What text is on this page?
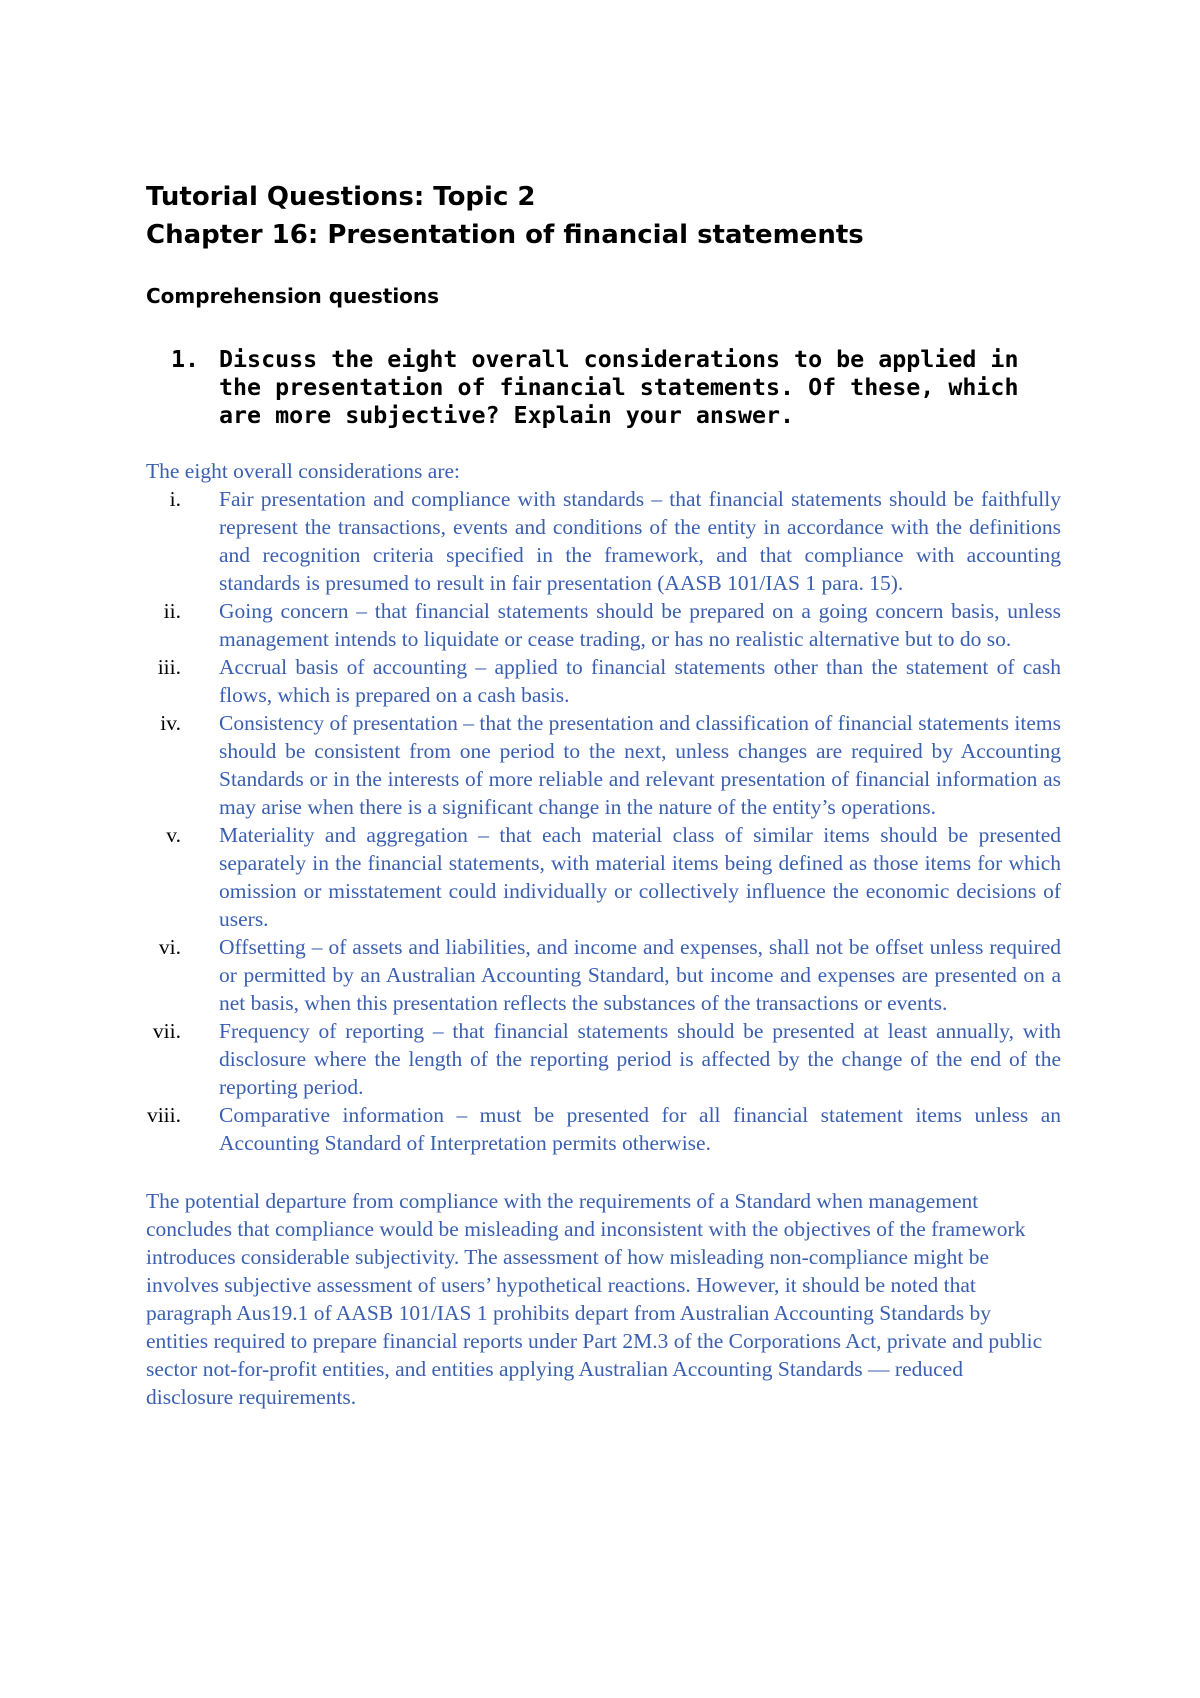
Tutorial Questions: Topic 2
Chapter 16: Presentation of financial statements
Comprehension questions
1. Discuss the eight overall considerations to be applied in the presentation of financial statements. Of these, which are more subjective? Explain your answer.

The eight overall considerations are:

i. Fair presentation and compliance with standards – that financial statements should be faithfully represent the transactions, events and conditions of the entity in accordance with the definitions and recognition criteria specified in the framework, and that compliance with accounting standards is presumed to result in fair presentation (AASB 101/IAS 1 para. 15).
ii. Going concern – that financial statements should be prepared on a going concern basis, unless management intends to liquidate or cease trading, or has no realistic alternative but to do so.
iii. Accrual basis of accounting – applied to financial statements other than the statement of cash flows, which is prepared on a cash basis.
iv. Consistency of presentation – that the presentation and classification of financial statements items should be consistent from one period to the next, unless changes are required by Accounting Standards or in the interests of more reliable and relevant presentation of financial information as may arise when there is a significant change in the nature of the entity’s operations.
v. Materiality and aggregation – that each material class of similar items should be presented separately in the financial statements, with material items being defined as those items for which omission or misstatement could individually or collectively influence the economic decisions of users.
vi. Offsetting – of assets and liabilities, and income and expenses, shall not be offset unless required or permitted by an Australian Accounting Standard, but income and expenses are presented on a net basis, when this presentation reflects the substances of the transactions or events.
vii. Frequency of reporting – that financial statements should be presented at least annually, with disclosure where the length of the reporting period is affected by the change of the end of the reporting period.
viii. Comparative information – must be presented for all financial statement items unless an Accounting Standard of Interpretation permits otherwise.

The potential departure from compliance with the requirements of a Standard when management concludes that compliance would be misleading and inconsistent with the objectives of the framework introduces considerable subjectivity. The assessment of how misleading non-compliance might be involves subjective assessment of users’ hypothetical reactions. However, it should be noted that paragraph Aus19.1 of AASB 101/IAS 1 prohibits depart from Australian Accounting Standards by entities required to prepare financial reports under Part 2M.3 of the Corporations Act, private and public sector not-for-profit entities, and entities applying Australian Accounting Standards — reduced disclosure requirements.
